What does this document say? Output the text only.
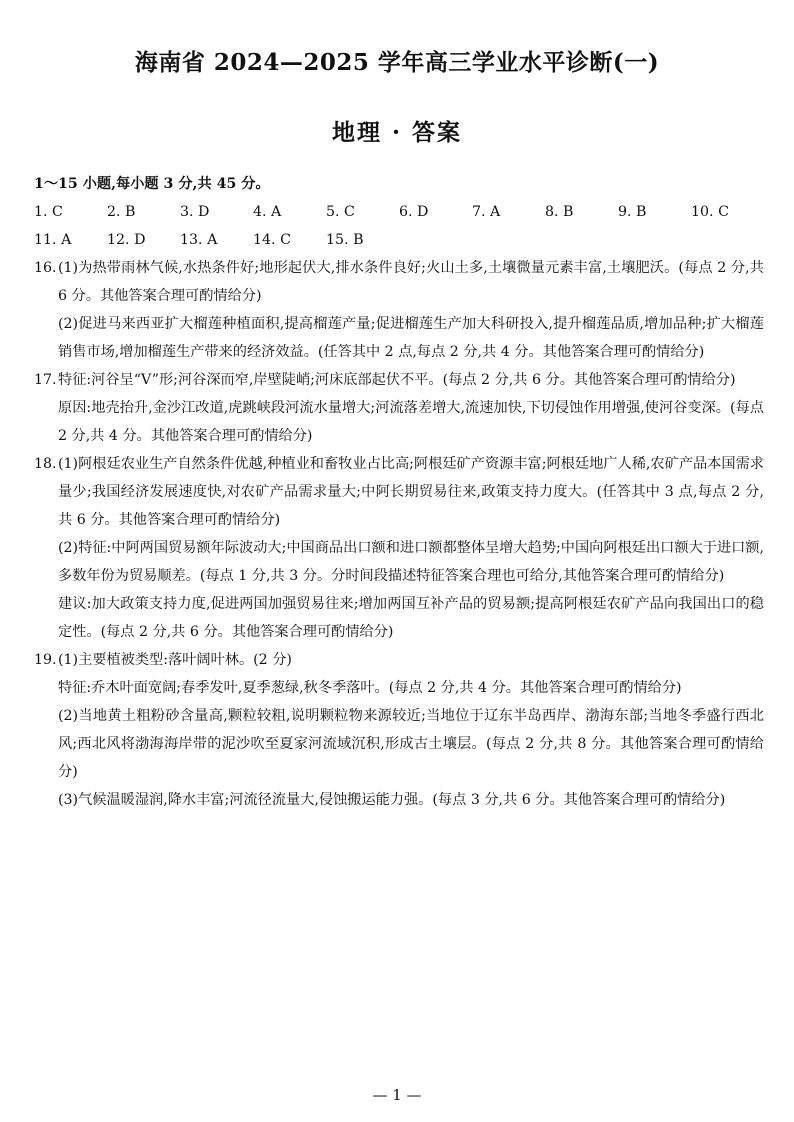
海南省 2024—2025 学年高三学业水平诊断(一)
地理 · 答案
1～15 小题,每小题 3 分,共 45 分。
1. C	2. B	3. D	4. A	5. C	6. D	7. A	8. B	9. B	10. C
11. A	12. D	13. A	14. C	15. B
16. (1)为热带雨林气候,水热条件好;地形起伏大,排水条件良好;火山土多,土壤微量元素丰富,土壤肥沃。(每点 2 分,共 6 分。其他答案合理可酌情给分)
(2)促进马来西亚扩大榴莲种植面积,提高榴莲产量;促进榴莲生产加大科研投入,提升榴莲品质,增加品种;扩大榴莲销售市场,增加榴莲生产带来的经济效益。(任答其中 2 点,每点 2 分,共 4 分。其他答案合理可酌情给分)
17. 特征:河谷呈“V”形;河谷深而窄,岸壁陡峭;河床底部起伏不平。(每点 2 分,共 6 分。其他答案合理可酌情给分)
原因:地壳抬升,金沙江改道,虎跳峡段河流水量增大;河流落差增大,流速加快,下切侵蚀作用增强,使河谷变深。(每点 2 分,共 4 分。其他答案合理可酌情给分)
18. (1)阿根廷农业生产自然条件优越,种植业和畜牧业占比高;阿根廷矿产资源丰富;阿根廷地广人稀,农矿产品本国需求量少;我国经济发展速度快,对农矿产品需求量大;中阿长期贸易往来,政策支持力度大。(任答其中 3 点,每点 2 分,共 6 分。其他答案合理可酌情给分)
(2)特征:中阿两国贸易额年际波动大;中国商品出口额和进口额都整体呈增大趋势;中国向阿根廷出口额大于进口额,多数年份为贸易顺差。(每点 1 分,共 3 分。分时间段描述特征答案合理也可给分,其他答案合理可酌情给分)
建议:加大政策支持力度,促进两国加强贸易往来;增加两国互补产品的贸易额;提高阿根廷农矿产品向我国出口的稳定性。(每点 2 分,共 6 分。其他答案合理可酌情给分)
19. (1)主要植被类型:落叶阔叶林。(2 分)
特征:乔木叶面宽阔;春季发叶,夏季葱绿,秋冬季落叶。(每点 2 分,共 4 分。其他答案合理可酌情给分)
(2)当地黄土粗粉砂含量高,颗粒较粗,说明颗粒物来源较近;当地位于辽东半岛西岸、渤海东部;当地冬季盛行西北风;西北风将渤海海岸带的泥沙吹至夏家河流域沉积,形成古土壤层。(每点 2 分,共 8 分。其他答案合理可酌情给分)
(3)气候温暖湿润,降水丰富;河流径流量大,侵蚀搬运能力强。(每点 3 分,共 6 分。其他答案合理可酌情给分)
— 1 —
